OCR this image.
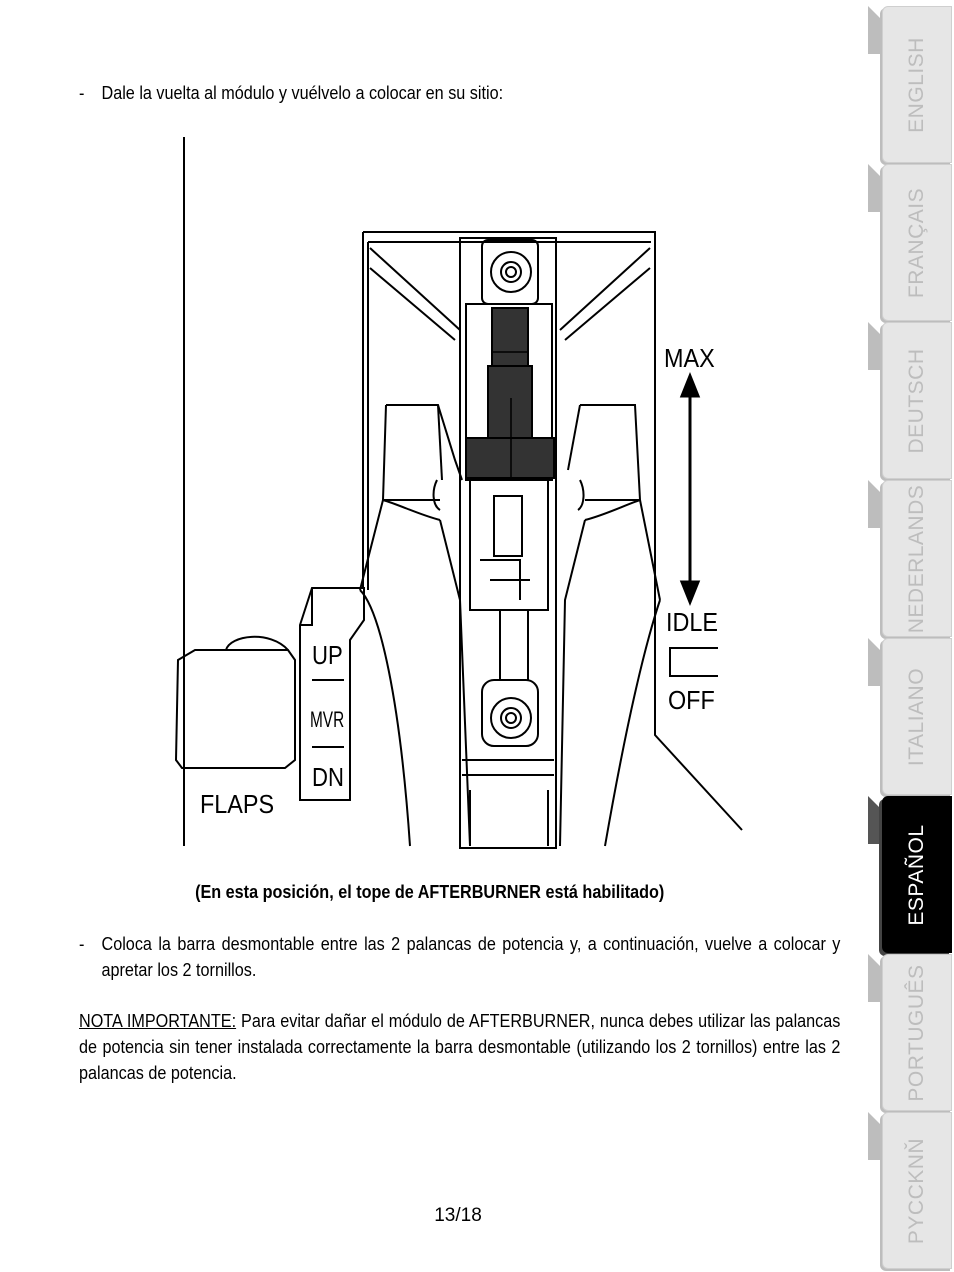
- Dale la vuelta al módulo y vuélvelo a colocar en su sitio:
MAX
IDLE
OFF
UP
MVR
DN
FLAPS
(En esta posición, el tope de AFTERBURNER está habilitado)
- Coloca la barra desmontable entre las 2 palancas de potencia y, a continuación, vuelve a colocar y apretar los 2 tornillos.
NOTA IMPORTANTE: Para evitar dañar el módulo de AFTERBURNER, nunca debes utilizar las palancas de potencia sin tener instalada correctamente la barra desmontable (utilizando los 2 tornillos) entre las 2 palancas de potencia.
13/18
ENGLISH
FRANÇAIS
DEUTSCH
NEDERLANDS
ITALIANO
ESPAÑOL
PORTUGUÊS
PYCCKNŇ
